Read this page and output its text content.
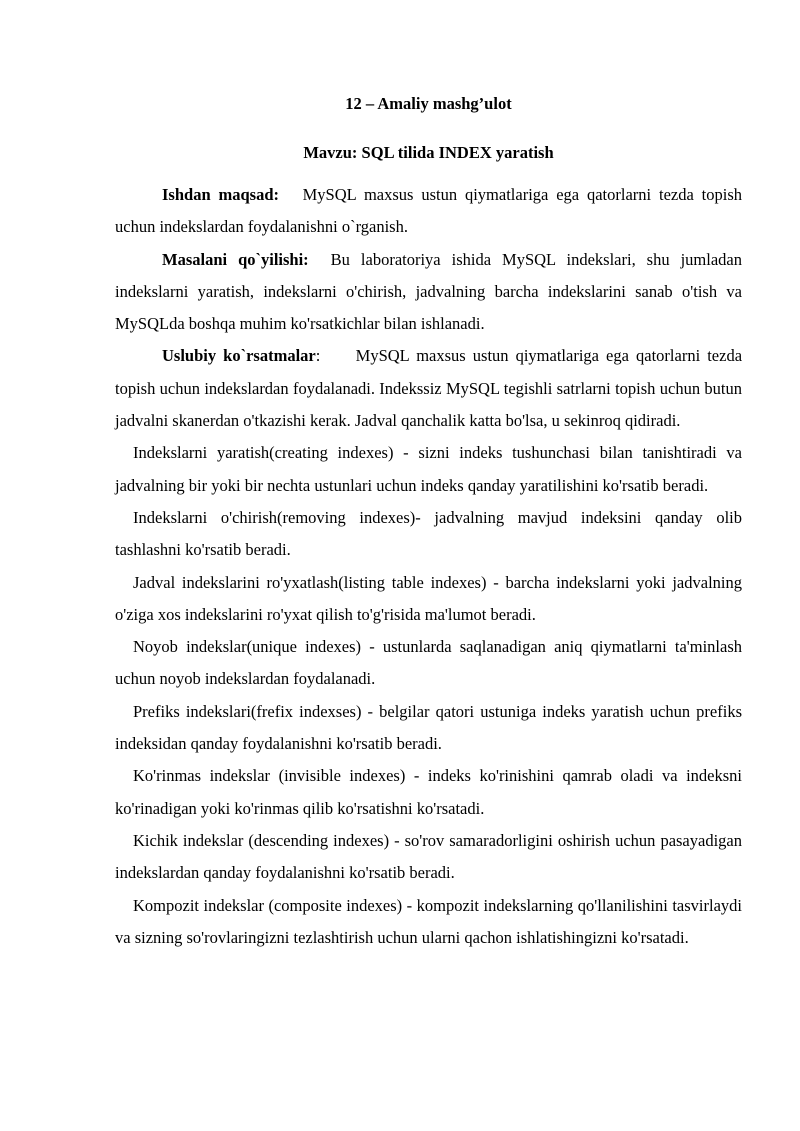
12 – Amaliy mashg’ulot

Mavzu: SQL tilida INDEX yaratish

Ishdan maqsad: MySQL maxsus ustun qiymatlariga ega qatorlarni tezda topish uchun indekslardan foydalanishni o`rganish.

Masalani qo`yilishi: Bu laboratoriya ishida MySQL indekslari, shu jumladan indekslarni yaratish, indekslarni o'chirish, jadvalning barcha indekslarini sanab o'tish va MySQLda boshqa muhim ko'rsatkichlar bilan ishlanadi.

Uslubiy ko`rsatmalar: MySQL maxsus ustun qiymatlariga ega qatorlarni tezda topish uchun indekslardan foydalanadi. Indekssiz MySQL tegishli satrlarni topish uchun butun jadvalni skanerdan o'tkazishi kerak. Jadval qanchalik katta bo'lsa, u sekinroq qidiradi.

Indekslarni yaratish(creating indexes) - sizni indeks tushunchasi bilan tanishtiradi va jadvalning bir yoki bir nechta ustunlari uchun indeks qanday yaratilishini ko'rsatib beradi.

Indekslarni o'chirish(removing indexes)- jadvalning mavjud indeksini qanday olib tashlashni ko'rsatib beradi.

Jadval indekslarini ro'yxatlash(listing table indexes) - barcha indekslarni yoki jadvalning o'ziga xos indekslarini ro'yxat qilish to'g'risida ma'lumot beradi.

Noyob indekslar(unique indexes) - ustunlarda saqlanadigan aniq qiymatlarni ta'minlash uchun noyob indekslardan foydalanadi.

Prefiks indekslari(frefix indexses) - belgilar qatori ustuniga indeks yaratish uchun prefiks indeksidan qanday foydalanishni ko'rsatib beradi.

Ko'rinmas indekslar (invisible indexes) - indeks ko'rinishini qamrab oladi va indeksni ko'rinadigan yoki ko'rinmas qilib ko'rsatishni ko'rsatadi.

Kichik indekslar (descending indexes) - so'rov samaradorligini oshirish uchun pasayadigan indekslardan qanday foydalanishni ko'rsatib beradi.

Kompozit indekslar (composite indexes) - kompozit indekslarning qo'llanilishini tasvirlaydi va sizning so'rovlaringizni tezlashtirish uchun ularni qachon ishlatishingizni ko'rsatadi.
